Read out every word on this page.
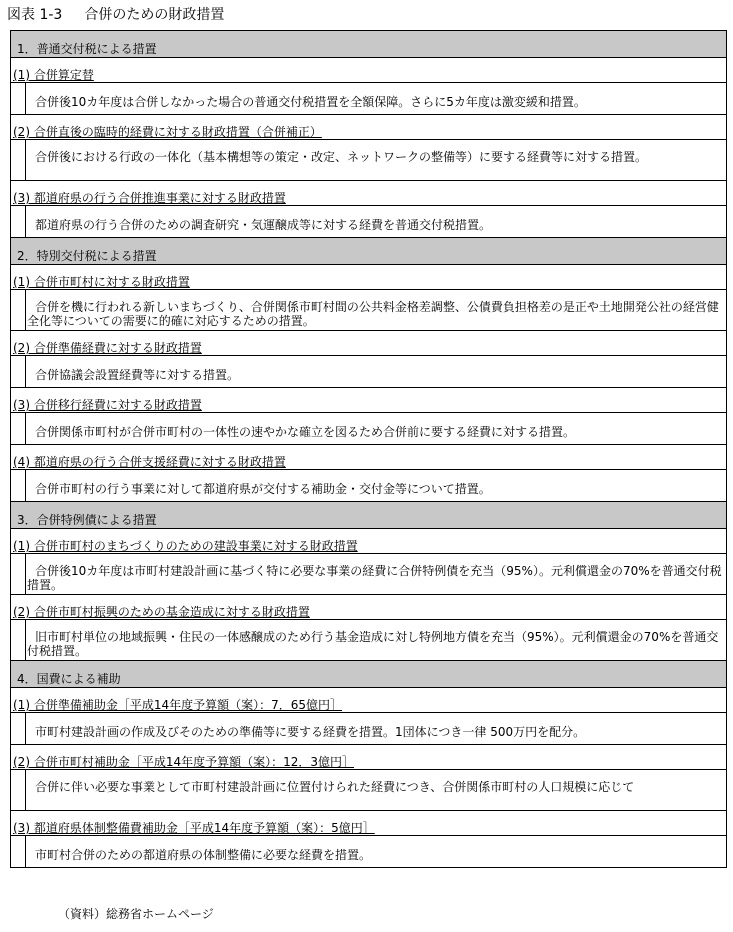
図表 1-3 合併のための財政措置
1．普通交付税による措置
(1) 合併算定替
合併後10カ年度は合併しなかった場合の普通交付税措置を全額保障。さらに5カ年度は激変緩和措置。
(2) 合併直後の臨時的経費に対する財政措置（合併補正）
合併後における行政の一体化（基本構想等の策定・改定、ネットワークの整備等）に要する経費等に対する措置。
(3) 都道府県の行う合併推進事業に対する財政措置
都道府県の行う合併のための調査研究・気運醸成等に対する経費を普通交付税措置。
2．特別交付税による措置
(1) 合併市町村に対する財政措置
合併を機に行われる新しいまちづくり、合併関係市町村間の公共料金格差調整、公債費負担格差の是正や土地開発公社の経営健全化等についての需要に的確に対応するための措置。
(2) 合併準備経費に対する財政措置
合併協議会設置経費等に対する措置。
(3) 合併移行経費に対する財政措置
合併関係市町村が合併市町村の一体性の速やかな確立を図るため合併前に要する経費に対する措置。
(4) 都道府県の行う合併支援経費に対する財政措置
合併市町村の行う事業に対して都道府県が交付する補助金・交付金等について措置。
3．合併特例債による措置
(1) 合併市町村のまちづくりのための建設事業に対する財政措置
合併後10カ年度は市町村建設計画に基づく特に必要な事業の経費に合併特例債を充当（95%）。元利償還金の70%を普通交付税措置。
(2) 合併市町村振興のための基金造成に対する財政措置
旧市町村単位の地域振興・住民の一体感醸成のため行う基金造成に対し特例地方債を充当（95%）。元利償還金の70%を普通交付税措置。
4．国費による補助
(1) 合併準備補助金［平成14年度予算額（案）：7．65億円］
市町村建設計画の作成及びそのための準備等に要する経費を措置。1団体につき一律 500万円を配分。
(2) 合併市町村補助金［平成14年度予算額（案）：12．3億円］
合併に伴い必要な事業として市町村建設計画に位置付けられた経費につき、合併関係市町村の人口規模に応じて
(3) 都道府県体制整備費補助金［平成14年度予算額（案）：5億円］
市町村合併のための都道府県の体制整備に必要な経費を措置。
（資料）総務省ホームページ
